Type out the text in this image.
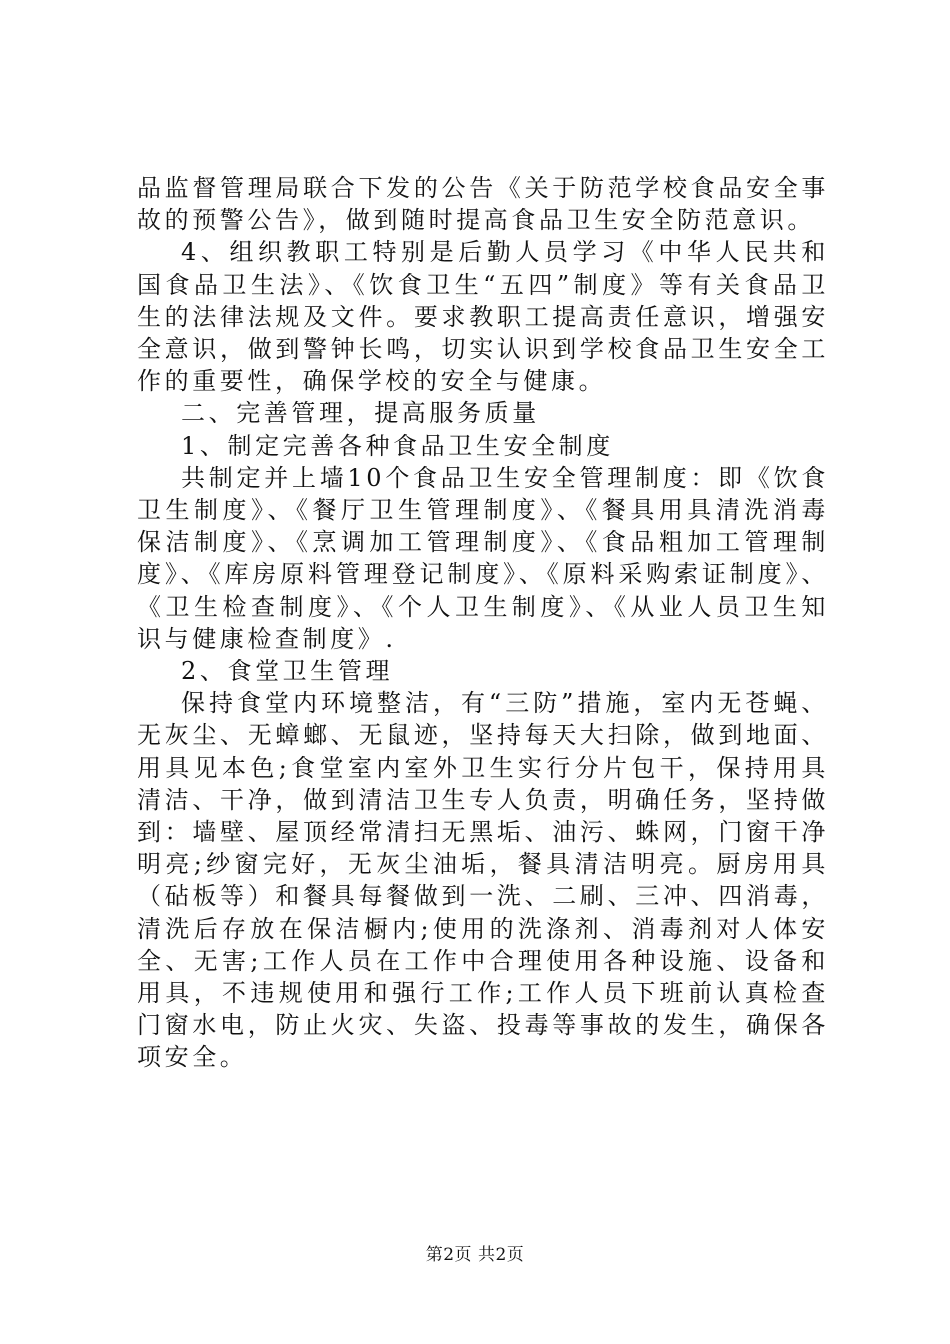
品监督管理局联合下发的公告《关于防范学校食品安全事故的预警公告》，做到随时提高食品卫生安全防范意识。

4、组织教职工特别是后勤人员学习《中华人民共和国食品卫生法》、《饮食卫生“五四”制度》等有关食品卫生的法律法规及文件。要求教职工提高责任意识，增强安全意识，做到警钟长鸣，切实认识到学校食品卫生安全工作的重要性，确保学校的安全与健康。

二、完善管理，提高服务质量

1、制定完善各种食品卫生安全制度

共制定并上墙10个食品卫生安全管理制度：即《饮食卫生制度》、《餐厅卫生管理制度》、《餐具用具清洗消毒保洁制度》、《烹调加工管理制度》、《食品粗加工管理制度》、《库房原料管理登记制度》、《原料采购索证制度》、《卫生检查制度》、《个人卫生制度》、《从业人员卫生知识与健康检查制度》.

2、食堂卫生管理

保持食堂内环境整洁，有“三防”措施，室内无苍蝇、无灰尘、无蟑螂、无鼠迹，坚持每天大扫除，做到地面、用具见本色;食堂室内室外卫生实行分片包干，保持用具清洁、干净，做到清洁卫生专人负责，明确任务，坚持做到：墙壁、屋顶经常清扫无黑垢、油污、蛛网，门窗干净明亮;纱窗完好，无灰尘油垢，餐具清洁明亮。厨房用具（砧板等）和餐具每餐做到一洗、二刷、三冲、四消毒，清洗后存放在保洁橱内;使用的洗涤剂、消毒剂对人体安全、无害;工作人员在工作中合理使用各种设施、设备和用具，不违规使用和强行工作;工作人员下班前认真检查门窗水电，防止火灾、失盗、投毒等事故的发生，确保各项安全。

第2页 共2页
